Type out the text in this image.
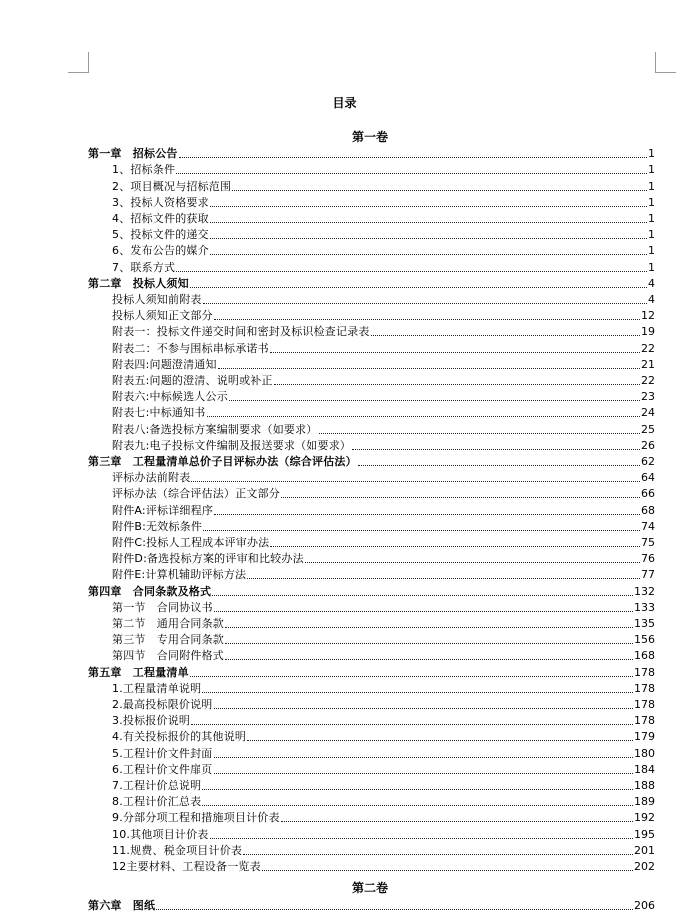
目录
第一卷
第二卷
第一章　招标公告	1
1、招标条件	1
2、项目概况与招标范围	1
3、投标人资格要求	1
4、招标文件的获取	1
5、投标文件的递交	1
6、发布公告的媒介	1
7、联系方式	1
第二章　投标人须知	4
投标人须知前附表	4
投标人须知正文部分	12
附表一：投标文件递交时间和密封及标识检查记录表	19
附表二：不参与围标串标承诺书	22
附表四:问题澄清通知	21
附表五:问题的澄清、说明或补正	22
附表六:中标候选人公示	23
附表七:中标通知书	24
附表八:备选投标方案编制要求（如要求）	25
附表九:电子投标文件编制及报送要求（如要求）	26
第三章　工程量清单总价子目评标办法（综合评估法）	62
评标办法前附表	64
评标办法（综合评估法）正文部分	66
附件A:评标详细程序	68
附件B:无效标条件	74
附件C:投标人工程成本评审办法	75
附件D:备选投标方案的评审和比较办法	76
附件E:计算机辅助评标方法	77
第四章　合同条款及格式	132
第一节　合同协议书	133
第二节　通用合同条款	135
第三节　专用合同条款	156
第四节　合同附件格式	168
第五章　工程量清单	178
1.工程量清单说明	178
2.最高投标限价说明	178
3.投标报价说明	178
4.有关投标报价的其他说明	179
5.工程计价文件封面	180
6.工程计价文件扉页	184
7.工程计价总说明	188
8.工程计价汇总表	189
9.分部分项工程和措施项目计价表	192
10.其他项目计价表	195
11.规费、税金项目计价表	201
12主要材料、工程设备一览表	202
第六章　图纸	206
